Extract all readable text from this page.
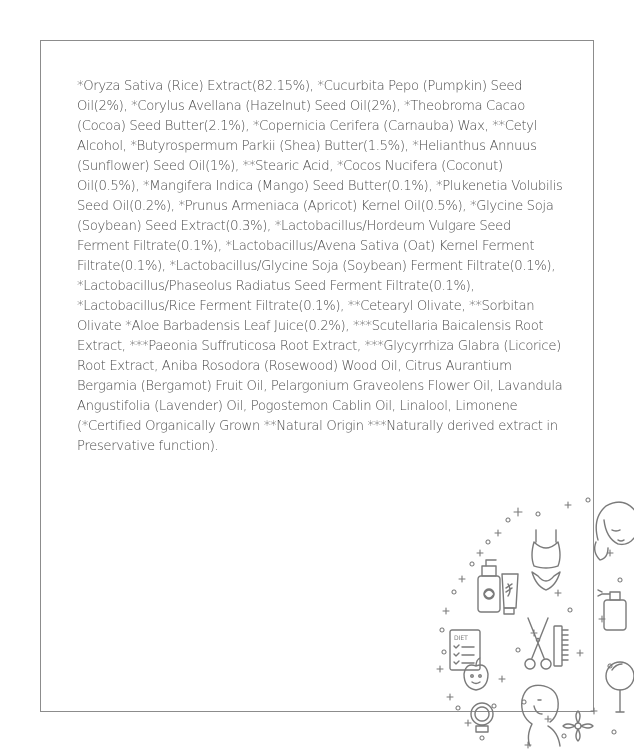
*Oryza Sativa (Rice) Extract(82.15%), *Cucurbita Pepo (Pumpkin) Seed Oil(2%), *Corylus Avellana (Hazelnut) Seed Oil(2%), *Theobroma Cacao (Cocoa) Seed Butter(2.1%), *Copernicia Cerifera (Carnauba) Wax, **Cetyl Alcohol, *Butyrospermum Parkii (Shea) Butter(1.5%), *Helianthus Annuus (Sunflower) Seed Oil(1%), **Stearic Acid, *Cocos Nucifera (Coconut) Oil(0.5%), *Mangifera Indica (Mango) Seed Butter(0.1%), *Plukenetia Volubilis Seed Oil(0.2%), *Prunus Armeniaca (Apricot) Kernel Oil(0.5%), *Glycine Soja (Soybean) Seed Extract(0.3%), *Lactobacillus/Hordeum Vulgare Seed Ferment Filtrate(0.1%), *Lactobacillus/Avena Sativa (Oat) Kernel Ferment Filtrate(0.1%), *Lactobacillus/Glycine Soja (Soybean) Ferment Filtrate(0.1%), *Lactobacillus/Phaseolus Radiatus Seed Ferment Filtrate(0.1%), *Lactobacillus/Rice Ferment Filtrate(0.1%), **Cetearyl Olivate, **Sorbitan Olivate *Aloe Barbadensis Leaf Juice(0.2%), ***Scutellaria Baicalensis Root Extract, ***Paeonia Suffruticosa Root Extract, ***Glycyrrhiza Glabra (Licorice) Root Extract, Aniba Rosodora (Rosewood) Wood Oil, Citrus Aurantium Bergamia (Bergamot) Fruit Oil, Pelargonium Graveolens Flower Oil, Lavandula Angustifolia (Lavender) Oil, Pogostemon Cablin Oil, Linalool, Limonene (*Certified Organically Grown **Natural Origin ***Naturally derived extract in Preservative function).

DIET
